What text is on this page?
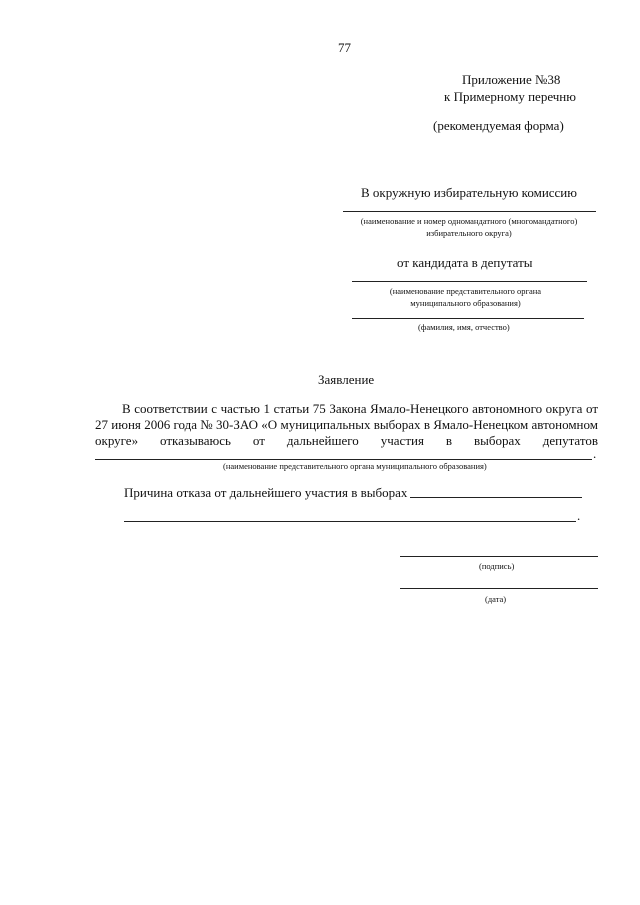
77
Приложение №38
к Примерному перечню
(рекомендуемая форма)
В окружную избирательную комиссию
(наименование и номер одномандатного (многомандатного) избирательного округа)
от кандидата в депутаты
(наименование представительного органа муниципального образования)
(фамилия, имя, отчество)
Заявление
В соответствии с частью 1 статьи 75 Закона Ямало-Ненецкого автономного округа от
27 июня 2006 года № 30-ЗАО «О муниципальных выборах в Ямало-Ненецком автономном
округе» отказываюсь от дальнейшего участия в выборах депутатов
.
(наименование представительного органа муниципального образования)
Причина отказа от дальнейшего участия в выборах
.
(подпись)
(дата)
